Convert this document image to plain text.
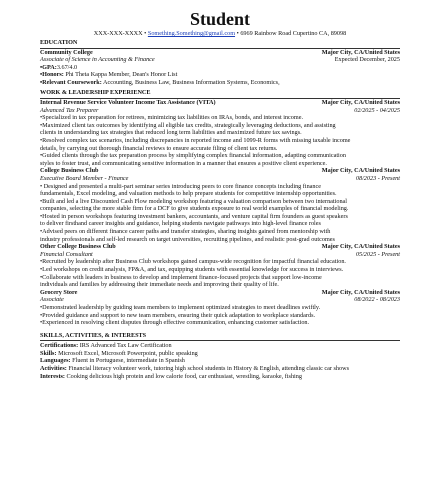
Student
XXX-XXX-XXXX • Something.Something@gmail.com • 6969 Rainbow Road Cupertino CA, 89098
EDUCATION
Community College	Major City, CA/United States
Associate of Science in Accounting & Finance	Expected December, 2025
•GPA:3.67/4.0
•Honors: Phi Theta Kappa Member, Dean's Honor List
•Relevant Coursework: Accounting, Business Law, Business Information Systems, Economics,
WORK & LEADERSHIP EXPERIENCE
Internal Revenue Service Volunteer Income Tax Assistance (VITA)	Major City, CA/United States
Advanced Tax Preparer	02/2025 - 04/2025
•Specialized in tax preparation for retirees, minimizing tax liabilities on IRAs, bonds, and interest income.
•Maximized client tax outcomes by identifying all eligible tax credits, strategically leveraging deductions, and assisting
clients in understanding tax strategies that reduced long term liabilities and maximized future tax savings.
•Resolved complex tax scenarios, including discrepancies in reported income and 1099-R forms with missing taxable income
details, by carrying out thorough financial reviews to ensure accurate filing of client tax returns.
•Guided clients through the tax preparation process by simplifying complex financial information, adapting communication
styles to foster trust, and communicating sensitive information in a manner that ensures a positive client experience.
College Business Club	Major City, CA/United States
Executive Board Member - Finance	08/2023 - Present
• Designed and presented a multi-part seminar series introducing peers to core finance concepts including finance
fundamentals, Excel modeling, and valuation methods to help prepare students for competitive internship opportunities.
•Built and led a live Discounted Cash Flow modeling workshop featuring a valuation comparison between two international
companies, selecting the more stable firm for a DCF to give students exposure to real world examples of financial modeling.
•Hosted in person workshops featuring investment bankers, accountants, and venture capital firm founders as guest speakers
to deliver firsthand career insights and guidance, helping students navigate pathways into high-level finance roles
•Advised peers on different finance career paths and transfer strategies, sharing insights gained from mentorship with
industry professionals and self-led research on target universities, recruiting pipelines, and realistic post-grad outcomes
Other College Business Club	Major City, CA/United States
Financial Consultant	05/2025 - Present
•Recruited by leadership after Business Club workshops gained campus-wide recognition for impactful financial education.
•Led workshops on credit analysis, FP&A, and tax, equipping students with essential knowledge for success in interviews.
•Collaborate with leaders in business to develop and implement finance-focused projects that support low-income
individuals and families by addressing their immediate needs and improving their quality of life.
Grocery Store	Major City, CA/United States
Associate	08/2022 - 08/2023
•Demonstrated leadership by guiding team members to implement optimized strategies to meet deadlines swiftly.
•Provided guidance and support to new team members, ensuring their quick adaptation to workplace standards.
•Experienced in resolving client disputes through effective communication, enhancing customer satisfaction.
SKILLS, ACTIVITIES, & INTERESTS
Certifications: IRS Advanced Tax Law Certification
Skills: Microsoft Excel, Microsoft Powerpoint, public speaking
Languages: Fluent in Portuguese, intermediate in Spanish
Activities: Financial literacy volunteer work, tutoring high school students in History & English, attending classic car shows
Interests: Cooking delicious high protein and low calorie food, car enthusiast, wrestling, karaoke, fishing
